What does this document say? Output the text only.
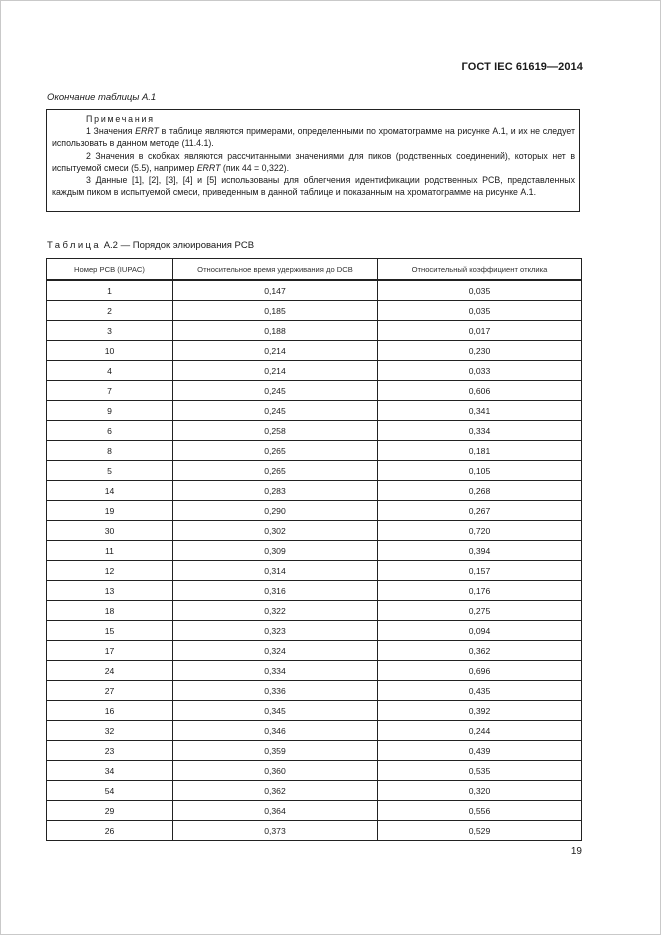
ГОСТ IEC 61619—2014
Окончание таблицы А.1
Примечания

1 Значения ERRT в таблице являются примерами, определенными по хроматограмме на рисунке А.1, и их не следует использовать в данном методе (11.4.1).

2 Значения в скобках являются рассчитанными значениями для пиков (родственных соединений), которых нет в испытуемой смеси (5.5), например ERRT (пик 44 = 0,322).

3 Данные [1], [2], [3], [4] и [5] использованы для облегчения идентификации родственных PCB, представленных каждым пиком в испытуемой смеси, приведенным в данной таблице и показанным на хроматограмме на рисунке А.1.

Таблица А.2 — Порядок элюирования PCB
Номер PCB (IUPAC)	Относительное время удерживания до DCB	Относительный коэффициент отклика
1	0,147	0,035
2	0,185	0,035
3	0,188	0,017
10	0,214	0,230
4	0,214	0,033
7	0,245	0,606
9	0,245	0,341
6	0,258	0,334
8	0,265	0,181
5	0,265	0,105
14	0,283	0,268
19	0,290	0,267
30	0,302	0,720
11	0,309	0,394
12	0,314	0,157
13	0,316	0,176
18	0,322	0,275
15	0,323	0,094
17	0,324	0,362
24	0,334	0,696
27	0,336	0,435
16	0,345	0,392
32	0,346	0,244
23	0,359	0,439
34	0,360	0,535
54	0,362	0,320
29	0,364	0,556
26	0,373	0,529
19
